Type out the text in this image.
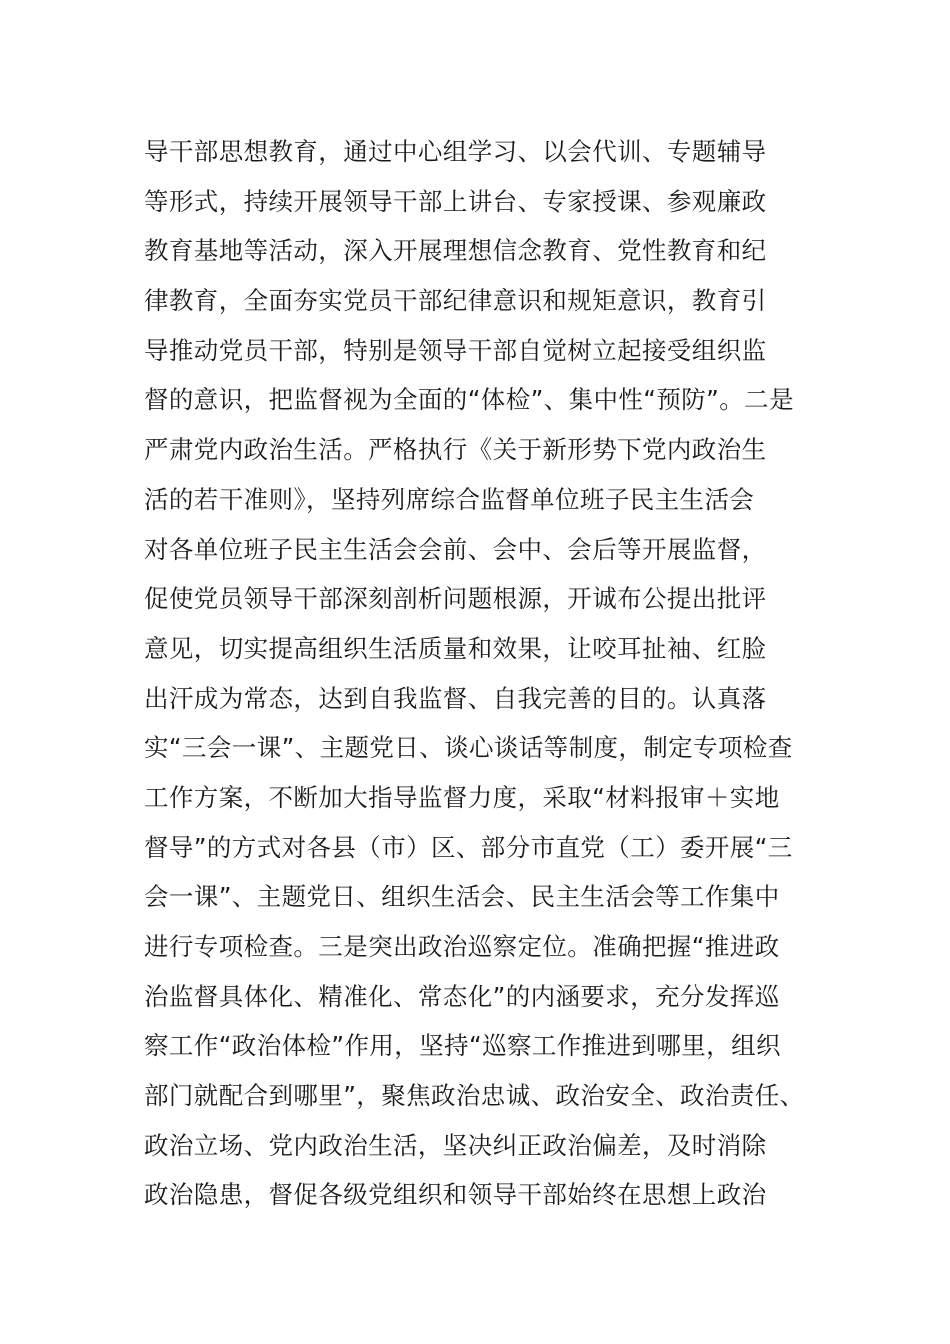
导干部思想教育，通过中心组学习、以会代训、专题辅导
等形式，持续开展领导干部上讲台、专家授课、参观廉政
教育基地等活动，深入开展理想信念教育、党性教育和纪
律教育，全面夯实党员干部纪律意识和规矩意识，教育引
导推动党员干部，特别是领导干部自觉树立起接受组织监
督的意识，把监督视为全面的“体检”、集中性“预防”。二是
严肃党内政治生活。严格执行《关于新形势下党内政治生
活的若干准则》，坚持列席综合监督单位班子民主生活会
对各单位班子民主生活会会前、会中、会后等开展监督，
促使党员领导干部深刻剖析问题根源，开诚布公提出批评
意见，切实提高组织生活质量和效果，让咬耳扯袖、红脸
出汗成为常态，达到自我监督、自我完善的目的。认真落
实“三会一课”、主题党日、谈心谈话等制度，制定专项检查
工作方案，不断加大指导监督力度，采取“材料报审＋实地
督导”的方式对各县（市）区、部分市直党（工）委开展“三
会一课”、主题党日、组织生活会、民主生活会等工作集中
进行专项检查。三是突出政治巡察定位。准确把握“推进政
治监督具体化、精准化、常态化”的内涵要求，充分发挥巡
察工作“政治体检”作用，坚持“巡察工作推进到哪里，组织
部门就配合到哪里”，聚焦政治忠诚、政治安全、政治责任、
政治立场、党内政治生活，坚决纠正政治偏差，及时消除
政治隐患，督促各级党组织和领导干部始终在思想上政治
